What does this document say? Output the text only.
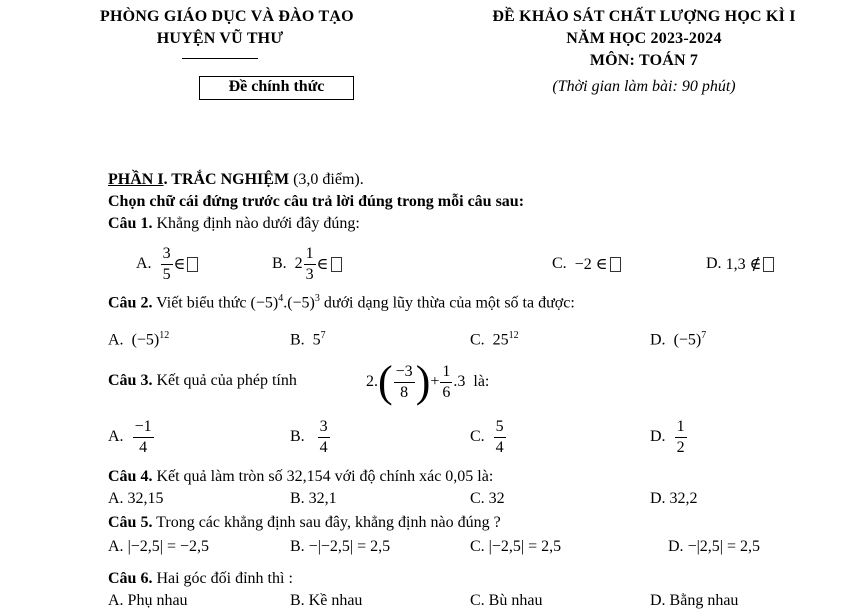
PHÒNG GIÁO DỤC VÀ ĐÀO TẠO
HUYỆN VŨ THƯ
Đề chính thức
ĐỀ KHẢO SÁT CHẤT LƯỢNG HỌC KÌ I
NĂM HỌC 2023-2024
MÔN: TOÁN 7
(Thời gian làm bài: 90 phút)
PHẦN I. TRẮC NGHIỆM (3,0 điểm).
Chọn chữ cái đứng trước câu trả lời đúng trong mỗi câu sau:
Câu 1. Khẳng định nào dưới đây đúng:
A.
$\frac{3}{5}$ ∈	B.
$2 \frac{1}{3}$ ∈	C.
−2 ∈	D.
1,3 ∉
Câu 2. Viết biểu thức $(-5)^4.(-5)^3$ dưới dạng lũy thừa của một số ta được:
A. $(-5)^{12}$	B. $5^7$	C. $25^{12}$	D. $(-5)^7$
Câu 3. Kết quả của phép tính	2. ( $\frac{-3}{8}$ ) + $\frac{1}{6} .3$
là:
A.
$\frac{-1}{4}$	B.
$\frac{3}{4}$	C.
$\frac{5}{4}$	D.
$\frac{1}{2}$
Câu 4. Kết quả làm tròn số 32,154 với độ chính xác 0,05 là:
A. 32,15	B. 32,1	C. 32	D. 32,2
Câu 5. Trong các khẳng định sau đây, khẳng định nào đúng ?
A. |−2,5| = −2,5	B. −|−2,5| = 2,5	C. |−2,5| = 2,5	D. −|2,5| = 2,5
Câu 6. Hai góc đối đỉnh thì :
A. Phụ nhau	B. Kề nhau	C. Bù nhau	D. Bằng nhau
